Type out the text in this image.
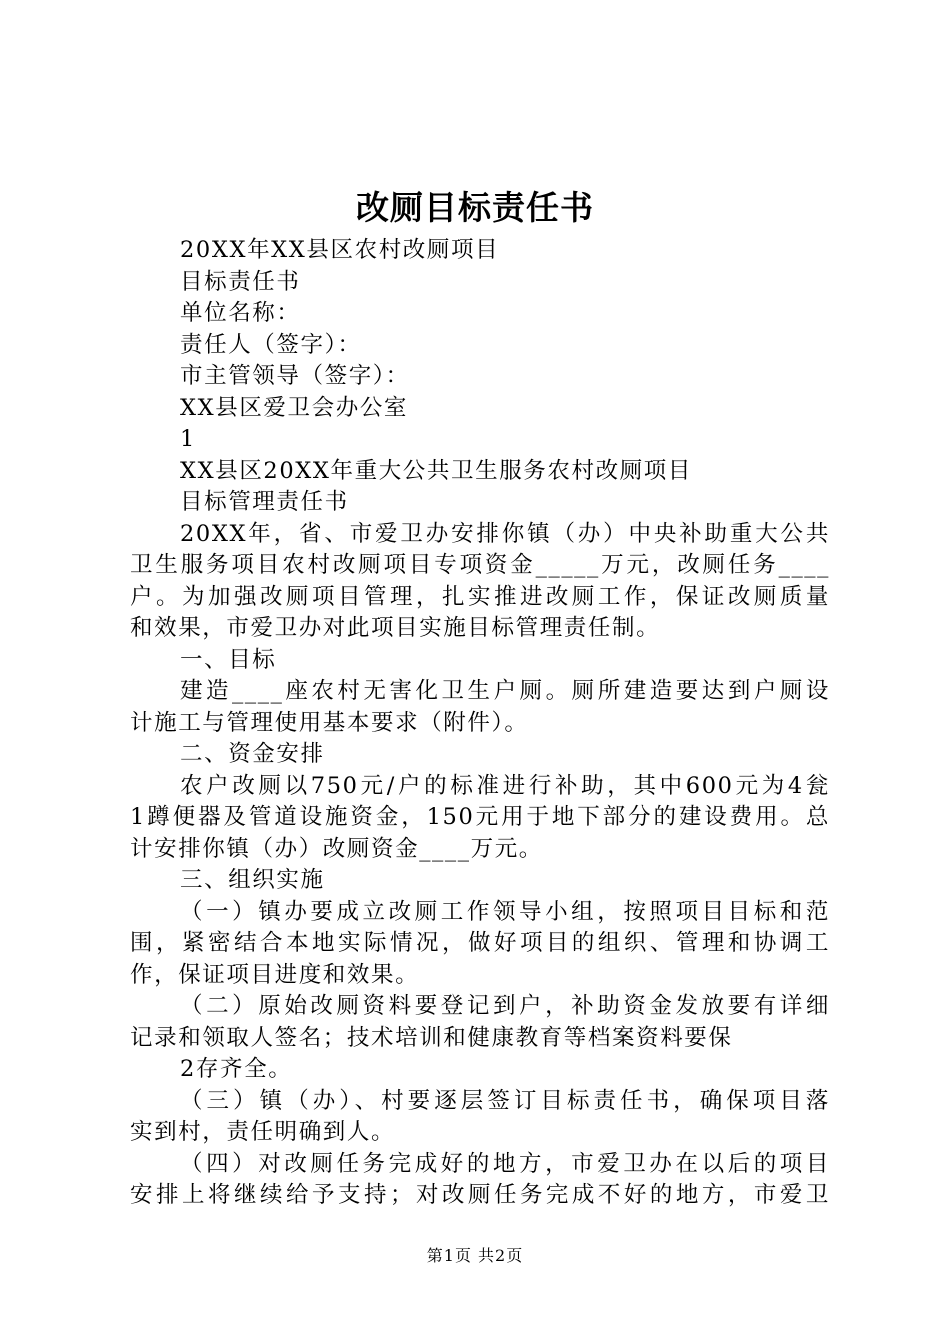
改厕目标责任书
20XX年XX县区农村改厕项目
目标责任书
单位名称：
责任人（签字）：
市主管领导（签字）：
XX县区爱卫会办公室
1
XX县区20XX年重大公共卫生服务农村改厕项目
目标管理责任书
20XX年，省、市爱卫办安排你镇（办）中央补助重大公共
卫生服务项目农村改厕项目专项资金_____万元，改厕任务____
户。为加强改厕项目管理，扎实推进改厕工作，保证改厕质量
和效果，市爱卫办对此项目实施目标管理责任制。
一、目标
建造____座农村无害化卫生户厕。厕所建造要达到户厕设
计施工与管理使用基本要求（附件）。
二、资金安排
农户改厕以750元/户的标准进行补助，其中600元为4瓮
1蹲便器及管道设施资金，150元用于地下部分的建设费用。总
计安排你镇（办）改厕资金____万元。
三、组织实施
（一）镇办要成立改厕工作领导小组，按照项目目标和范
围，紧密结合本地实际情况，做好项目的组织、管理和协调工
作，保证项目进度和效果。
（二）原始改厕资料要登记到户，补助资金发放要有详细
记录和领取人签名；技术培训和健康教育等档案资料要保
2存齐全。
（三）镇（办）、村要逐层签订目标责任书，确保项目落
实到村，责任明确到人。
（四）对改厕任务完成好的地方，市爱卫办在以后的项目
安排上将继续给予支持；对改厕任务完成不好的地方，市爱卫
第1页 共2页
